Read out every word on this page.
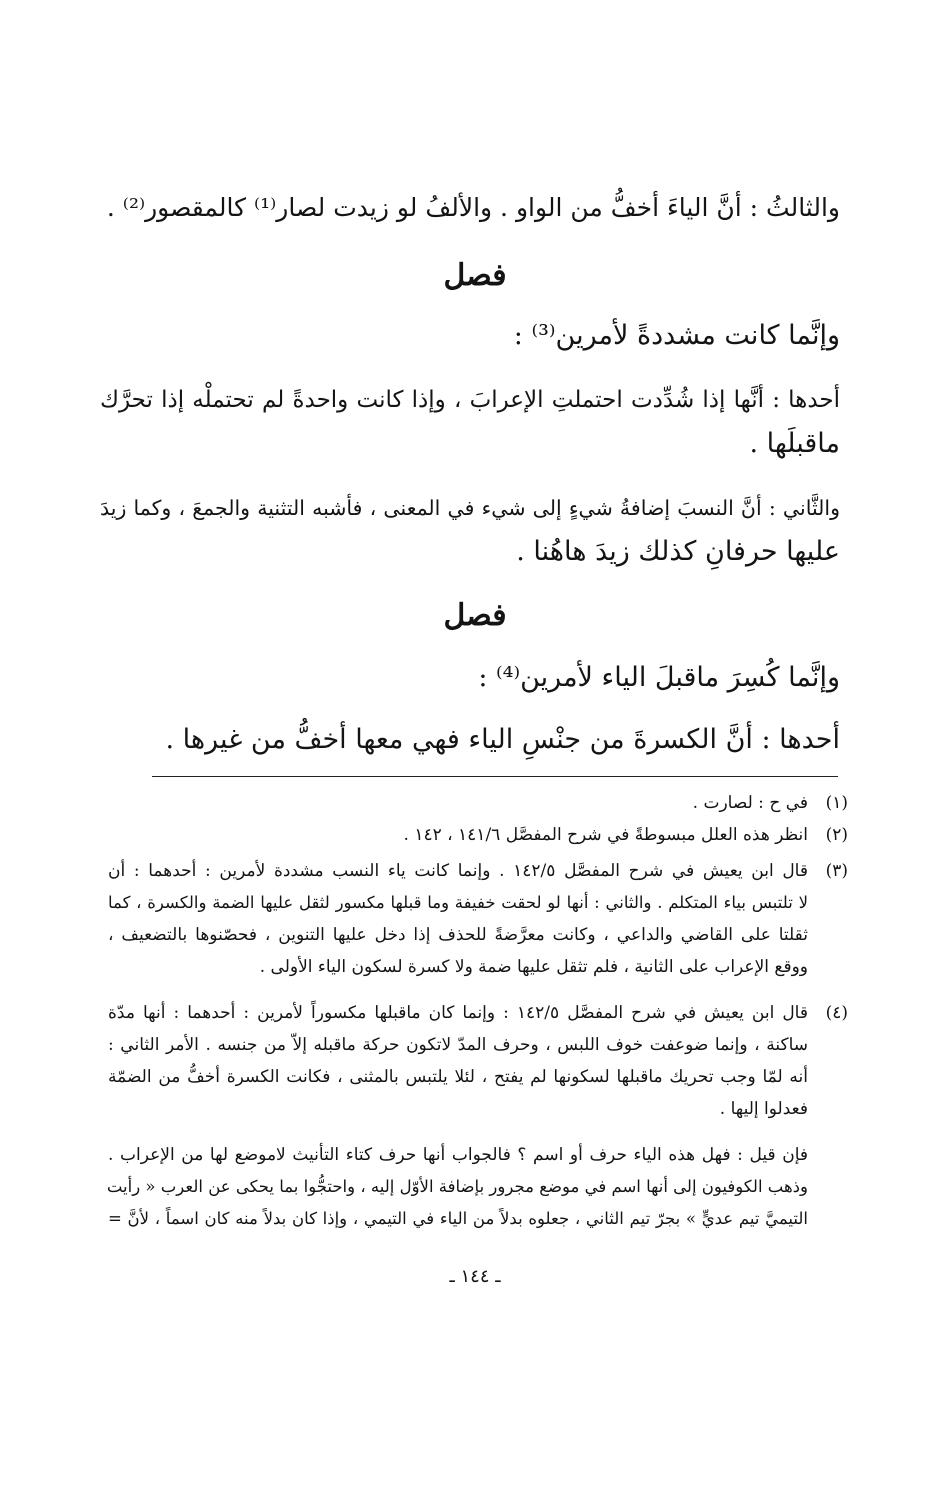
والثالثُ : أنَّ الياءَ أخفُّ من الواو . والألفُ لو زيدت لصار⁽¹⁾ كالمقصور⁽²⁾ .
فصل
وإنَّما كانت مشددةً لأمرين⁽³⁾ :
أحدها : أنَّها إذا شُدِّدت احتملتِ الإعرابَ ، وإذا كانت واحدةً لم تحتملْه إذا تحرَّك
ماقبلَها .
والثَّاني : أنَّ النسبَ إضافةُ شيءٍ إلى شيء في المعنى ، فأشبه التثنية والجمعَ ، وكما زيدَ
عليها حرفانِ كذلك زيدَ هاهُنا .
فصل
وإنَّما كُسِرَ ماقبلَ الياء لأمرين⁽⁴⁾ :
أحدها : أنَّ الكسرةَ من جنْسِ الياء فهي معها أخفُّ من غيرها .
(١)
في ح : لصارت .
(٢)
انظر هذه العلل مبسوطةً في شرح المفصَّل ١٤١/٦ ، ١٤٢ .
(٣)
قال ابن يعيش في شرح المفصَّل ١٤٢/٥ . وإنما كانت ياء النسب مشددة لأمرين : أحدهما : أن
لا تلتبس بياء المتكلم . والثاني : أنها لو لحقت خفيفة وما قبلها مكسور لثقل عليها الضمة والكسرة ، كما
ثقلتا على القاضي والداعي ، وكانت معرَّضةً للحذف إذا دخل عليها التنوين ، فحصّنوها بالتضعيف ،
ووقع الإعراب على الثانية ، فلم تثقل عليها ضمة ولا كسرة لسكون الياء الأولى .
(٤)
قال ابن يعيش في شرح المفصَّل ١٤٢/٥ : وإنما كان ماقبلها مكسوراً لأمرين : أحدهما : أنها مدّة
ساكنة ، وإنما ضوعفت خوف اللبس ، وحرف المدّ لاتكون حركة ماقبله إلاّ من جنسه . الأمر الثاني :
أنه لمّا وجب تحريك ماقبلها لسكونها لم يفتح ، لئلا يلتبس بالمثنى ، فكانت الكسرة أخفُّ من الضمّة
فعدلوا إليها .
فإن قيل : فهل هذه الياء حرف أو اسم ؟ فالجواب أنها حرف كتاء التأنيث لاموضع لها من الإعراب .
وذهب الكوفيون إلى أنها اسم في موضع مجرور بإضافة الأوّل إليه ، واحتجُّوا بما يحكى عن العرب « رأيت
التيميَّ تيم عديٍّ » بجرّ تيم الثاني ، جعلوه بدلاً من الياء في التيمي ، وإذا كان بدلاً منه كان اسماً ، لأنَّ =
ـ ١٤٤ ـ
